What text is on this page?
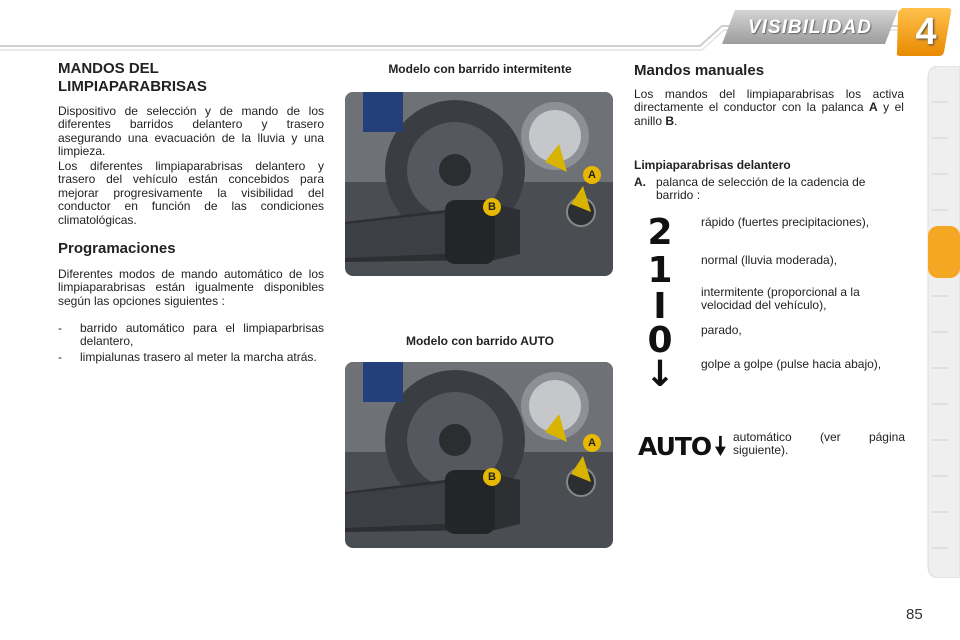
VISIBILIDAD 4
MANDOS DEL LIMPIAPARABRISAS
Dispositivo de selección y de mando de los diferentes barridos delantero y trasero asegurando una evacuación de la lluvia y una limpieza.
Los diferentes limpiaparabrisas delantero y trasero del vehículo están concebidos para mejorar progresivamente la visibilidad del conductor en función de las condiciones climatológicas.
Programaciones
Diferentes modos de mando automático de los limpiaparabrisas están igualmente disponibles según las opciones siguientes :
-	barrido automático para el limpiaparbrisas delantero,
-	limpialunas trasero al meter la marcha atrás.
Modelo con barrido intermitente
A
B
Modelo con barrido AUTO
A
B
Mandos manuales
Los mandos del limpiaparabrisas los activa directamente el conductor con la palanca A y el anillo B.
Limpiaparabrisas delantero
A. palanca de selección de la cadencia de barrido :
2	rápido (fuertes precipitaciones),
1	normal (lluvia moderada),
I	intermitente (proporcional a la velocidad del vehículo),
0	parado,
↓	golpe a golpe (pulse hacia abajo),
AUTO automático (ver página siguiente).
85
